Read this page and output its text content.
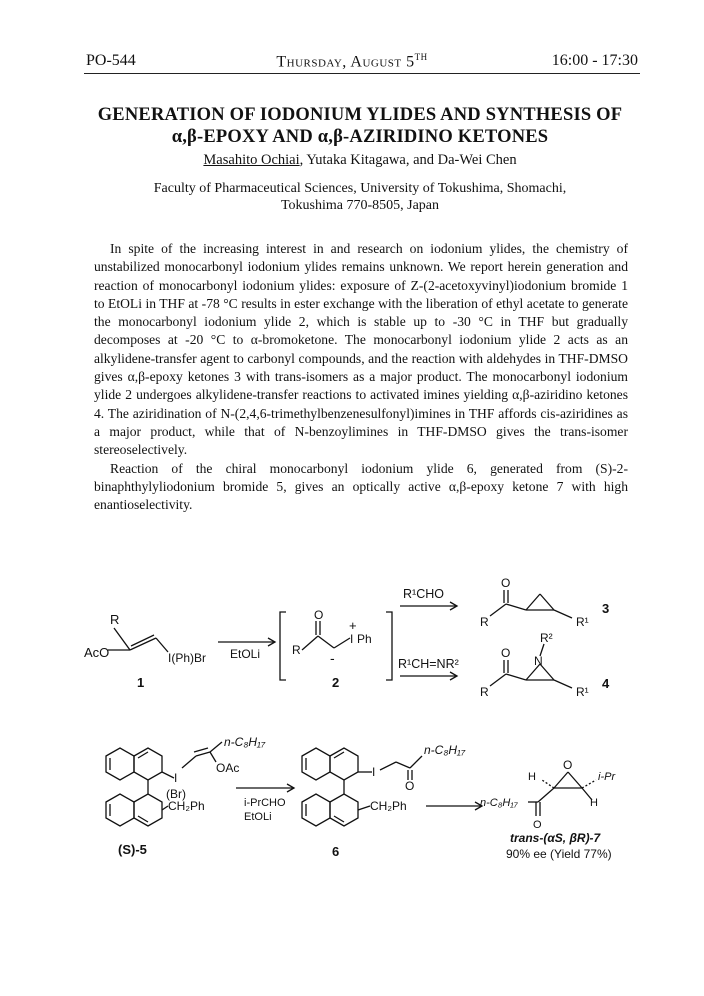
PO-544	Thursday, August 5TH	16:00 - 17:30
GENERATION OF IODONIUM YLIDES AND SYNTHESIS OF
α,β-EPOXY AND α,β-AZIRIDINO KETONES
Masahito Ochiai, Yutaka Kitagawa, and Da-Wei Chen
Faculty of Pharmaceutical Sciences, University of Tokushima, Shomachi,
Tokushima 770-8505, Japan

In spite of the increasing interest in and research on iodonium ylides, the chemistry of unstabilized monocarbonyl iodonium ylides remains unknown. We report herein generation and reaction of monocarbonyl iodonium ylides: exposure of Z-(2-acetoxyvinyl)iodonium bromide 1 to EtOLi in THF at -78 °C results in ester exchange with the liberation of ethyl acetate to generate the monocarbonyl iodonium ylide 2, which is stable up to -30 °C in THF but gradually decomposes at -20 °C to α-bromoketone. The monocarbonyl iodonium ylide 2 acts as an alkylidene-transfer agent to carbonyl compounds, and the reaction with aldehydes in THF-DMSO gives α,β-epoxy ketones 3 with trans-isomers as a major product. The monocarbonyl iodonium ylide 2 undergoes alkylidene-transfer reactions to activated imines yielding α,β-aziridino ketones 4. The aziridination of N-(2,4,6-trimethylbenzenesulfonyl)imines in THF affords cis-aziridines as a major product, while that of N-benzoylimines in THF-DMSO gives the trans-isomer stereoselectively.

Reaction of the chiral monocarbonyl iodonium ylide 6, generated from (S)-2-binaphthylyliodonium bromide 5, gives an optically active α,β-epoxy ketone 7 with high enantioselectivity.

R
AcO	I(Ph)Br
1
EtOLi
O
R
I Ph
+
-
2
R¹CHO
O
R	R¹
3
R¹CH=NR²
O
N
R²
R	R¹
4
I
(Br)
CH₂Ph
n-C₈H₁₇
OAc
(S)-5
i-PrCHO
EtOLi
I
O
n-C₈H₁₇
CH₂Ph
6
O
H	i-Pr
H
n-C₈H₁₇
O
trans-(αS, βR)-7
90% ee (Yield 77%)
